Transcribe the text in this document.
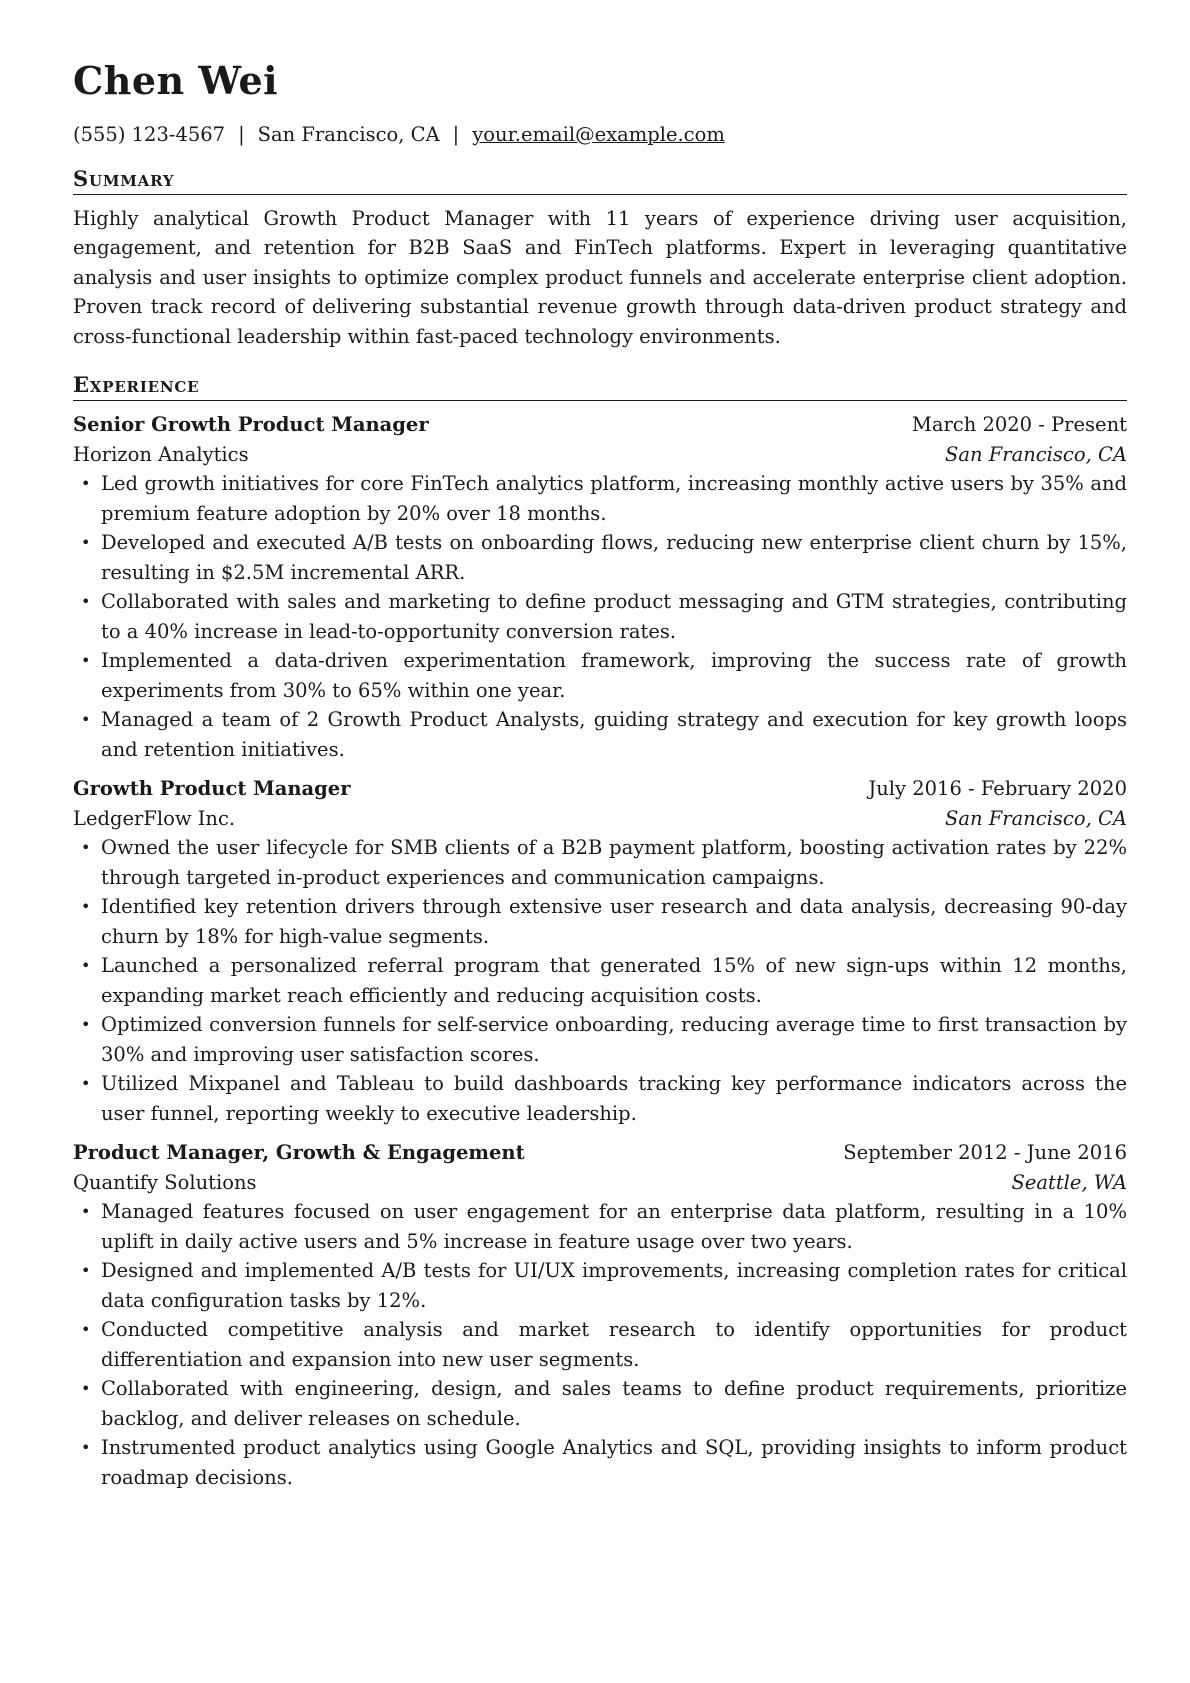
Chen Wei
(555) 123-4567 | San Francisco, CA | your.email@example.com
Summary

Highly analytical Growth Product Manager with 11 years of experience driving user acquisition, engagement, and retention for B2B SaaS and FinTech platforms. Expert in leveraging quantitative analysis and user insights to optimize complex product funnels and accelerate enterprise client adoption. Proven track record of delivering substantial revenue growth through data-driven product strategy and cross-functional leadership within fast-paced technology environments.

Experience
Senior Growth Product Manager	March 2020 - Present
Horizon Analytics	San Francisco, CA
• Led growth initiatives for core FinTech analytics platform, increasing monthly active users by 35% and premium feature adoption by 20% over 18 months.
• Developed and executed A/B tests on onboarding flows, reducing new enterprise client churn by 15%, resulting in $2.5M incremental ARR.
• Collaborated with sales and marketing to define product messaging and GTM strategies, contributing to a 40% increase in lead-to-opportunity conversion rates.
• Implemented a data-driven experimentation framework, improving the success rate of growth experiments from 30% to 65% within one year.
• Managed a team of 2 Growth Product Analysts, guiding strategy and execution for key growth loops and retention initiatives.
Growth Product Manager	July 2016 - February 2020
LedgerFlow Inc.	San Francisco, CA
• Owned the user lifecycle for SMB clients of a B2B payment platform, boosting activation rates by 22% through targeted in-product experiences and communication campaigns.
• Identified key retention drivers through extensive user research and data analysis, decreasing 90-day churn by 18% for high-value segments.
• Launched a personalized referral program that generated 15% of new sign-ups within 12 months, expanding market reach efficiently and reducing acquisition costs.
• Optimized conversion funnels for self-service onboarding, reducing average time to first transaction by 30% and improving user satisfaction scores.
• Utilized Mixpanel and Tableau to build dashboards tracking key performance indicators across the user funnel, reporting weekly to executive leadership.
Product Manager, Growth & Engagement	September 2012 - June 2016
Quantify Solutions	Seattle, WA
• Managed features focused on user engagement for an enterprise data platform, resulting in a 10% uplift in daily active users and 5% increase in feature usage over two years.
• Designed and implemented A/B tests for UI/UX improvements, increasing completion rates for critical data configuration tasks by 12%.
• Conducted competitive analysis and market research to identify opportunities for product differentiation and expansion into new user segments.
• Collaborated with engineering, design, and sales teams to define product requirements, prioritize backlog, and deliver releases on schedule.
• Instrumented product analytics using Google Analytics and SQL, providing insights to inform product roadmap decisions.
